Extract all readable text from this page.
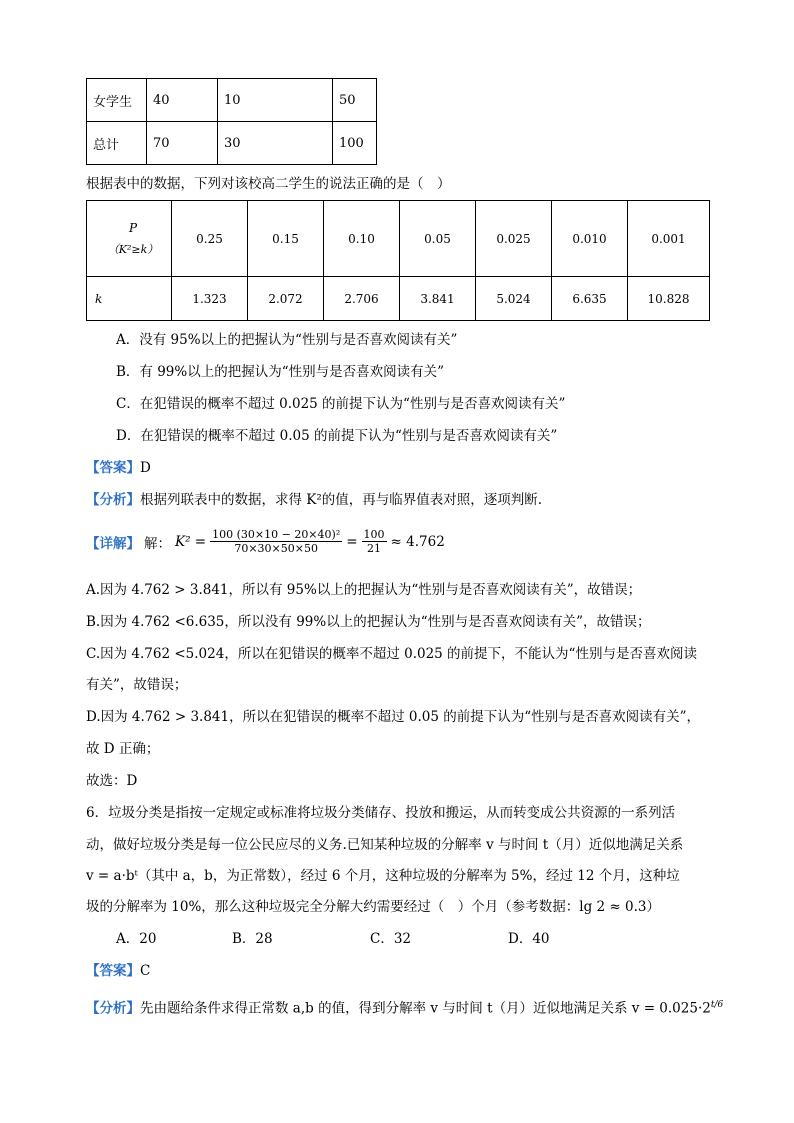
女学生	40	10	50
总计	70	30	100
根据表中的数据，下列对该校高二学生的说法正确的是（　）
P
（K²≥k）	0.25	0.15	0.10	0.05	0.025	0.010	0.001
k	1.323	2.072	2.706	3.841	5.024	6.635	10.828
A．没有 95%以上的把握认为“性别与是否喜欢阅读有关”
B．有 99%以上的把握认为“性别与是否喜欢阅读有关”
C．在犯错误的概率不超过 0.025 的前提下认为“性别与是否喜欢阅读有关”
D．在犯错误的概率不超过 0.05 的前提下认为“性别与是否喜欢阅读有关”
【答案】D
【分析】根据列联表中的数据，求得 K²的值，再与临界值表对照，逐项判断.
【详解】 解： $K^2 = \frac{\text{100 (30×10 − 20×40)²}}{70\times 30\times 50\times 50} = \frac{100}{21} \approx 4.762$
A.因为 4.762 > 3.841，所以有 95%以上的把握认为“性别与是否喜欢阅读有关”，故错误；
B.因为 4.762 <6.635，所以没有 99%以上的把握认为“性别与是否喜欢阅读有关”，故错误；
C.因为 4.762 <5.024，所以在犯错误的概率不超过 0.025 的前提下，不能认为“性别与是否喜欢阅读
有关”，故错误；
D.因为 4.762 > 3.841，所以在犯错误的概率不超过 0.05 的前提下认为“性别与是否喜欢阅读有关”，
故 D 正确；
故选：D
6．垃圾分类是指按一定规定或标准将垃圾分类储存、投放和搬运，从而转变成公共资源的一系列活
动，做好垃圾分类是每一位公民应尽的义务.已知某种垃圾的分解率 v 与时间 t（月）近似地满足关系
v = a·bᵗ（其中 a，b，为正常数），经过 6 个月，这种垃圾的分解率为 5%，经过 12 个月，这种垃
圾的分解率为 10%，那么这种垃圾完全分解大约需要经过（　）个月（参考数据：lg 2 ≈ 0.3）
A．20	B．28	C．32	D．40
【答案】C
【分析】先由题给条件求得正常数 a,b 的值，得到分解率 v 与时间 t（月）近似地满足关系 $v = 0.025\cdot 2^{t/6}$
